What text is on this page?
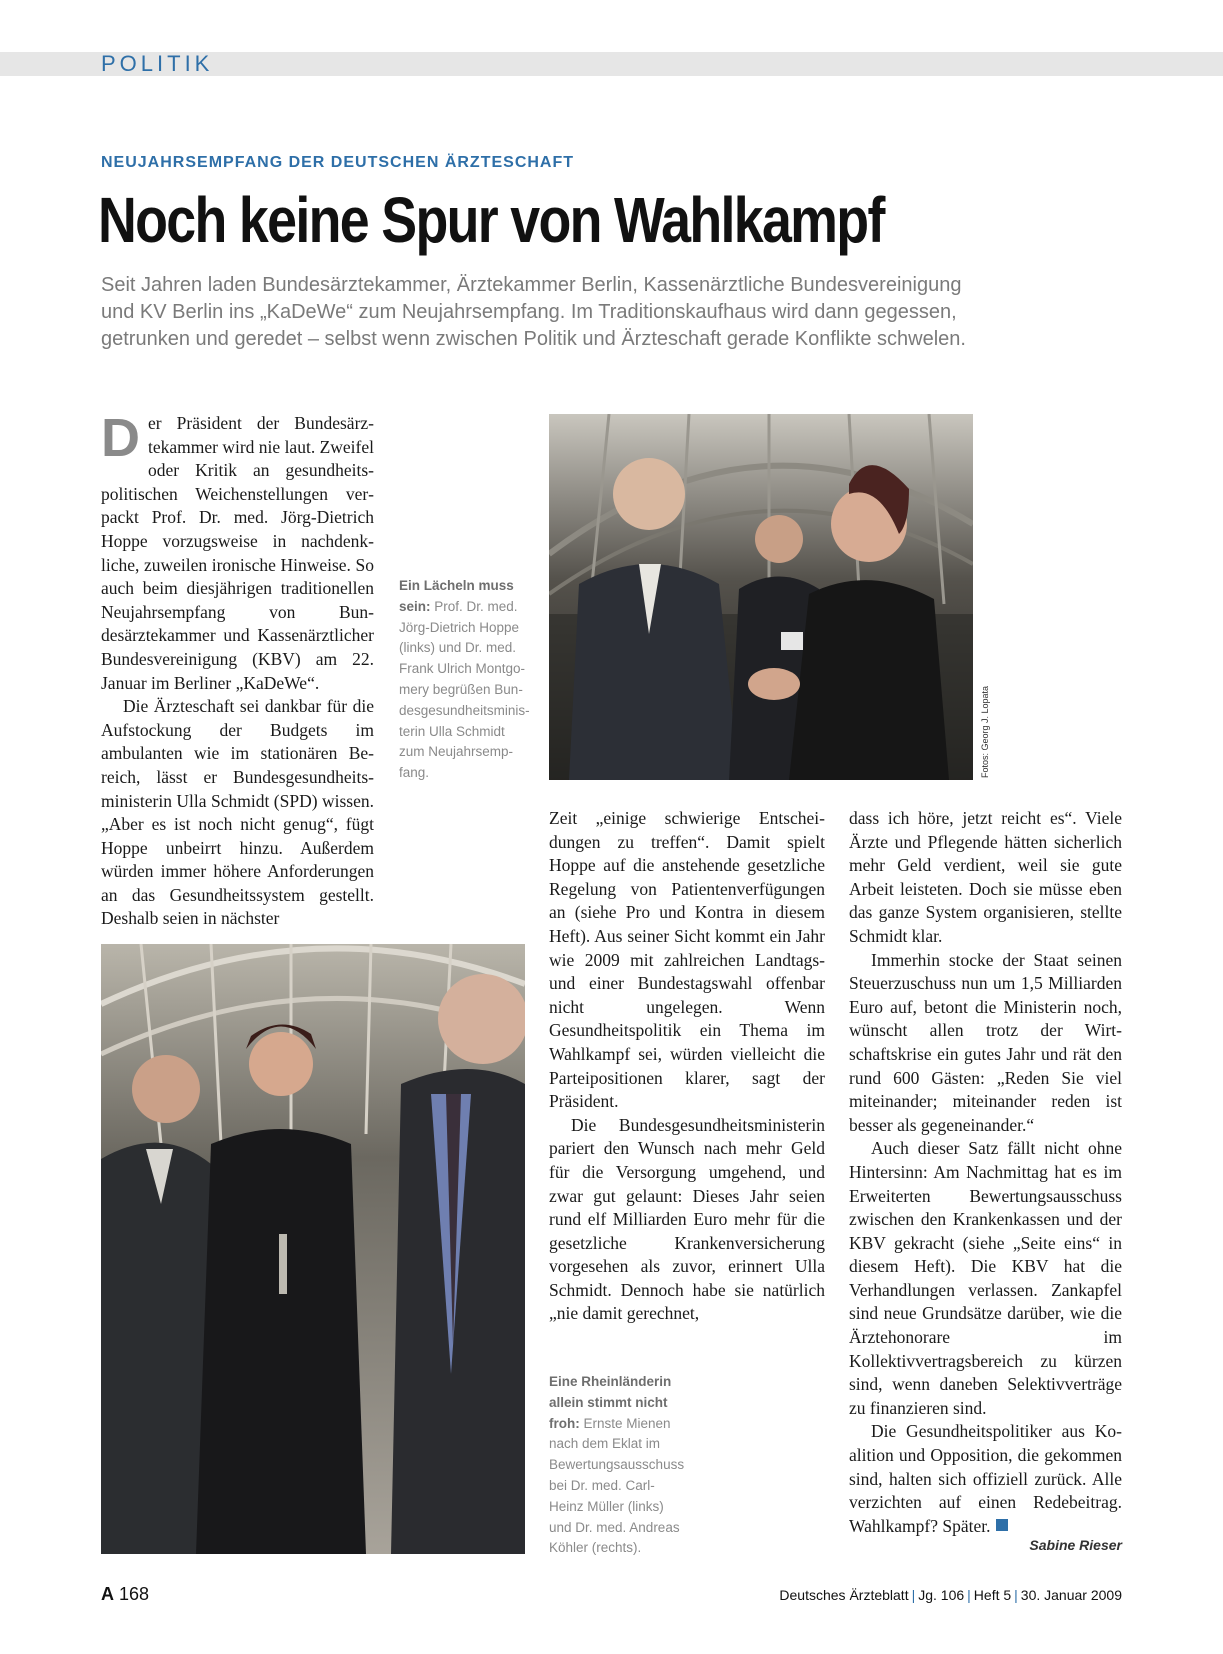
POLITIK
NEUJAHRSEMPFANG DER DEUTSCHEN ÄRZTESCHAFT
Noch keine Spur von Wahlkampf

Seit Jahren laden Bundesärztekammer, Ärztekammer Berlin, Kassenärztliche Bundesvereinigung

und KV Berlin ins „KaDeWe“ zum Neujahrsempfang. Im Traditionskaufhaus wird dann gegessen,

getrunken und geredet – selbst wenn zwischen Politik und Ärzteschaft gerade Konflikte schwelen.

D er Präsident der Bundesärztekammer wird nie laut. Zweifel oder Kritik an gesundheitspolitischen Weichenstellungen verpackt Prof. Dr. med. Jörg-Dietrich Hoppe vorzugsweise in nachdenkliche, zuweilen ironische Hinweise. So auch beim diesjährigen traditionellen Neujahrsempfang von Bundesärztekammer und Kassenärztlicher Bundesvereinigung (KBV) am 22. Januar im Berliner „KaDeWe“.

Die Ärzteschaft sei dankbar für die Aufstockung der Budgets im ambulanten wie im stationären Bereich, lässt er Bundesgesundheitsministerin Ulla Schmidt (SPD) wissen. „Aber es ist noch nicht genug“, fügt Hoppe unbeirrt hinzu. Außerdem würden immer höhere Anforderungen an das Gesundheitssystem gestellt. Deshalb seien in nächster

Ein Lächeln muss sein: Prof. Dr. med. Jörg-Dietrich Hoppe (links) und Dr. med. Frank Ulrich Montgomery begrüßen Bundesgesundheitsministerin Ulla Schmidt zum Neujahrsempfang.	Fotos: Georg J. Lopata

Zeit „einige schwierige Entscheidungen zu treffen“. Damit spielt Hoppe auf die anstehende gesetzliche Regelung von Patientenverfügungen an (siehe Pro und Kontra in diesem Heft). Aus seiner Sicht kommt ein Jahr wie 2009 mit zahlreichen Landtags- und einer Bundestagswahl offenbar nicht ungelegen. Wenn Gesundheitspolitik ein Thema im Wahlkampf sei, würden vielleicht die Parteipositionen klarer, sagt der Präsident.

Die Bundesgesundheitsministerin pariert den Wunsch nach mehr Geld für die Versorgung umgehend, und zwar gut gelaunt: Dieses Jahr seien rund elf Milliarden Euro mehr für die gesetzliche Krankenversicherung vorgesehen als zuvor, erinnert Ulla Schmidt. Dennoch habe sie natürlich „nie damit gerechnet,

Eine Rheinländerin allein stimmt nicht froh: Ernste Mienen nach dem Eklat im Bewertungsausschuss bei Dr. med. Carl-Heinz Müller (links) und Dr. med. Andreas Köhler (rechts).

dass ich höre, jetzt reicht es“. Viele Ärzte und Pflegende hätten sicherlich mehr Geld verdient, weil sie gute Arbeit leisteten. Doch sie müsse eben das ganze System organisieren, stellte Schmidt klar.

Immerhin stocke der Staat seinen Steuerzuschuss nun um 1,5 Milliarden Euro auf, betont die Ministerin noch, wünscht allen trotz der Wirtschaftskrise ein gutes Jahr und rät den rund 600 Gästen: „Reden Sie viel miteinander; miteinander reden ist besser als gegeneinander.“

Auch dieser Satz fällt nicht ohne Hintersinn: Am Nachmittag hat es im Erweiterten Bewertungsausschuss zwischen den Krankenkassen und der KBV gekracht (siehe „Seite eins“ in diesem Heft). Die KBV hat die Verhandlungen verlassen. Zankapfel sind neue Grundsätze darüber, wie die Ärztehonorare im Kollektivvertragsbereich zu kürzen sind, wenn daneben Selektivverträge zu finanzieren sind.

Die Gesundheitspolitiker aus Koalition und Opposition, die gekommen sind, halten sich offiziell zurück. Alle verzichten auf einen Redebeitrag. Wahlkampf? Später.

Sabine Rieser
A 168	Deutsches Ärzteblatt | Jg. 106 | Heft 5 | 30. Januar 2009
